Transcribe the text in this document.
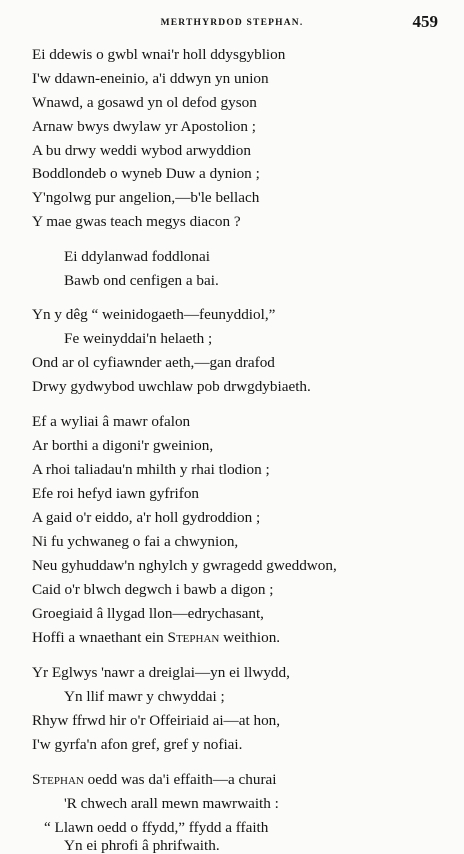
MERTHYRDOD STEPHAN.	459
Ei ddewis o gwbl wnai'r holl ddysgyblion
I'w ddawn-eneinio, a'i ddwyn yn union
Wnawd, a gosawd yn ol defod gyson
Arnaw bwys dwylaw yr Apostolion ;
A bu drwy weddi wybod arwyddion
Boddlondeb o wyneb Duw a dynion ;
Y'ngolwg pur angelion,—b'le bellach
Y mae gwas teach megys diacon ?
Ei ddylanwad foddlonai
Bawb ond cenfigen a bai.
Yn y dêg “ weinidogaeth—feunyddiol,”
Fe weinyddai'n helaeth ;
Ond ar ol cyfiawnder aeth,—gan drafod
Drwy gydwybod uwchlaw pob drwgdybiaeth.
Ef a wyliai â mawr ofalon
Ar borthi a digoni'r gweinion,
A rhoi taliadau'n mhilth y rhai tlodion ;
Efe roi hefyd iawn gyfrifon
A gaid o'r eiddo, a'r holl gydroddion ;
Ni fu ychwaneg o fai a chwynion,
Neu gyhuddaw'n nghylch y gwragedd gweddwon,
Caid o'r blwch degwch i bawb a digon ;
Groegiaid â llygad llon—edrychasant,
Hoffi a wnaethant ein Stephan weithion.
Yr Eglwys 'nawr a dreiglai—yn ei llwydd,
Yn llif mawr y chwyddai ;
Rhyw ffrwd hir o'r Offeiriaid ai—at hon,
I'w gyrfa'n afon gref, gref y nofiai.
Stephan oedd was da'i effaith—a churai
'R chwech arall mewn mawrwaith :
“ Llawn oedd o ffydd,” ffydd a ffaith
Yn ei phrofi â phrifwaith.
